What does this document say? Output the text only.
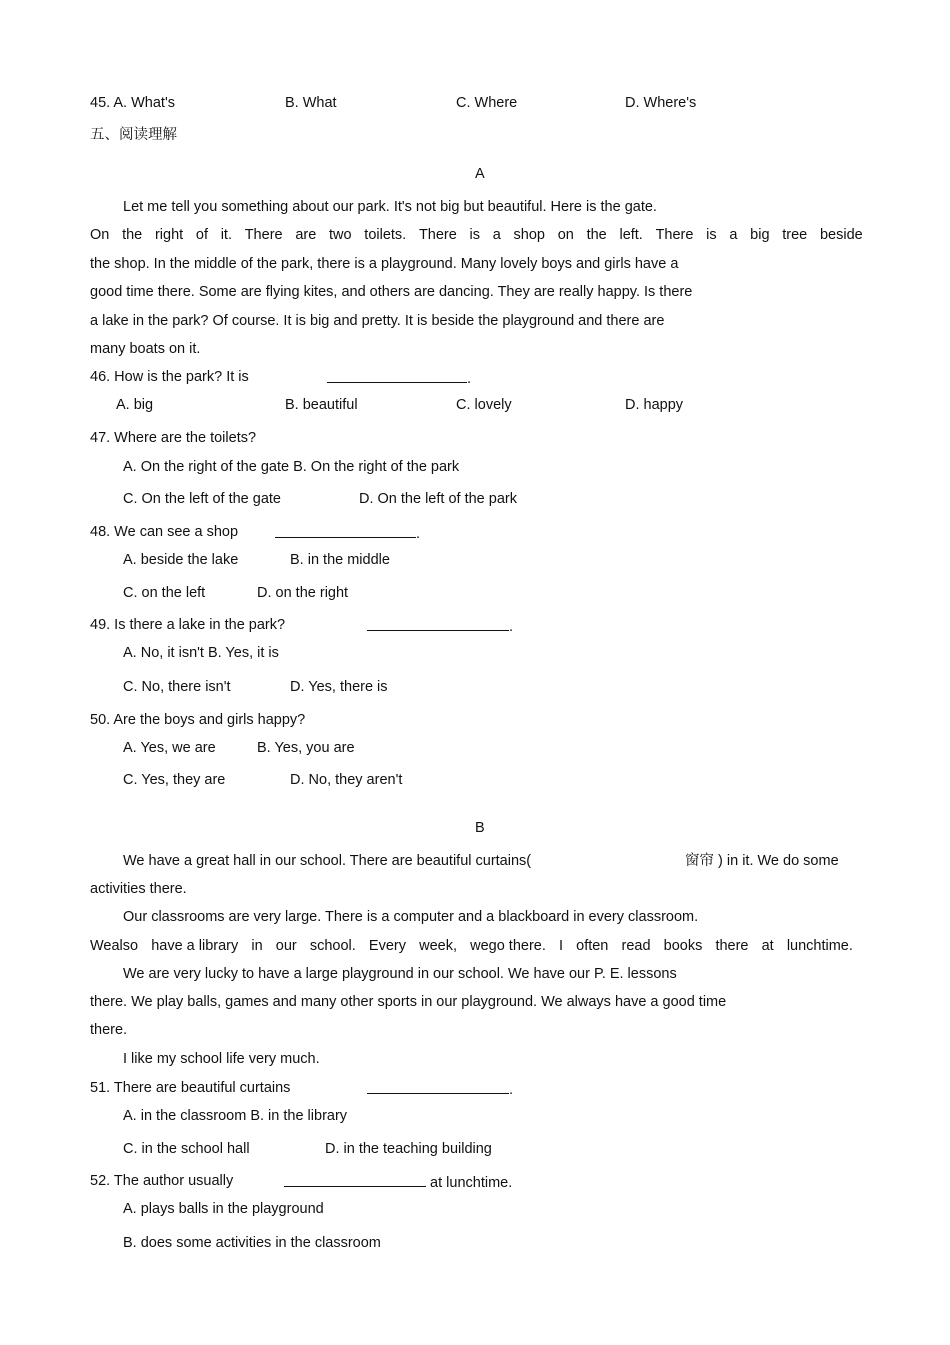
45. A. What's	B. What	C. Where	D. Where's
五、阅读理解
A
Let me tell you something about our park. It's not big but beautiful. Here is the gate.
On the right of it. There are two toilets. There is a shop on the left. There is a big tree beside
the shop. In the middle of the park, there is a playground. Many lovely boys and girls have a
good time there. Some are flying kites, and others are dancing. They are really happy. Is there
a lake in the park? Of course. It is big and pretty. It is beside the playground and there are
many boats on it.
46. How is the park? It is	.
A. big	B. beautiful	C. lovely	D. happy
47. Where are the toilets?
A. On the right of the gate B. On the right of the park
C. On the left of the gate	D. On the left of the park
48. We can see a shop	.
A. beside the lake	B. in the middle
C. on the left	D. on the right
49. Is there a lake in the park?	.
A. No, it isn't B. Yes, it is
C. No, there isn't	D. Yes, there is
50. Are the boys and girls happy?
A. Yes, we are	B. Yes, you are
C. Yes, they are	D. No, they aren't
B
We have a great hall in our school. There are beautiful curtains(	窗帘 ) in it. We do some
activities there.
Our classrooms are very large. There is a computer and a blackboard in every classroom.
Wealso have a library in our school. Every week, wego there. I often read books there at lunchtime.
We are very lucky to have a large playground in our school. We have our P. E. lessons
there. We play balls, games and many other sports in our playground. We always have a good time
there.
I like my school life very much.
51. There are beautiful curtains	.
A. in the classroom B. in the library
C. in the school hall	D. in the teaching building
52. The author usually	at lunchtime.
A. plays balls in the playground
B. does some activities in the classroom
